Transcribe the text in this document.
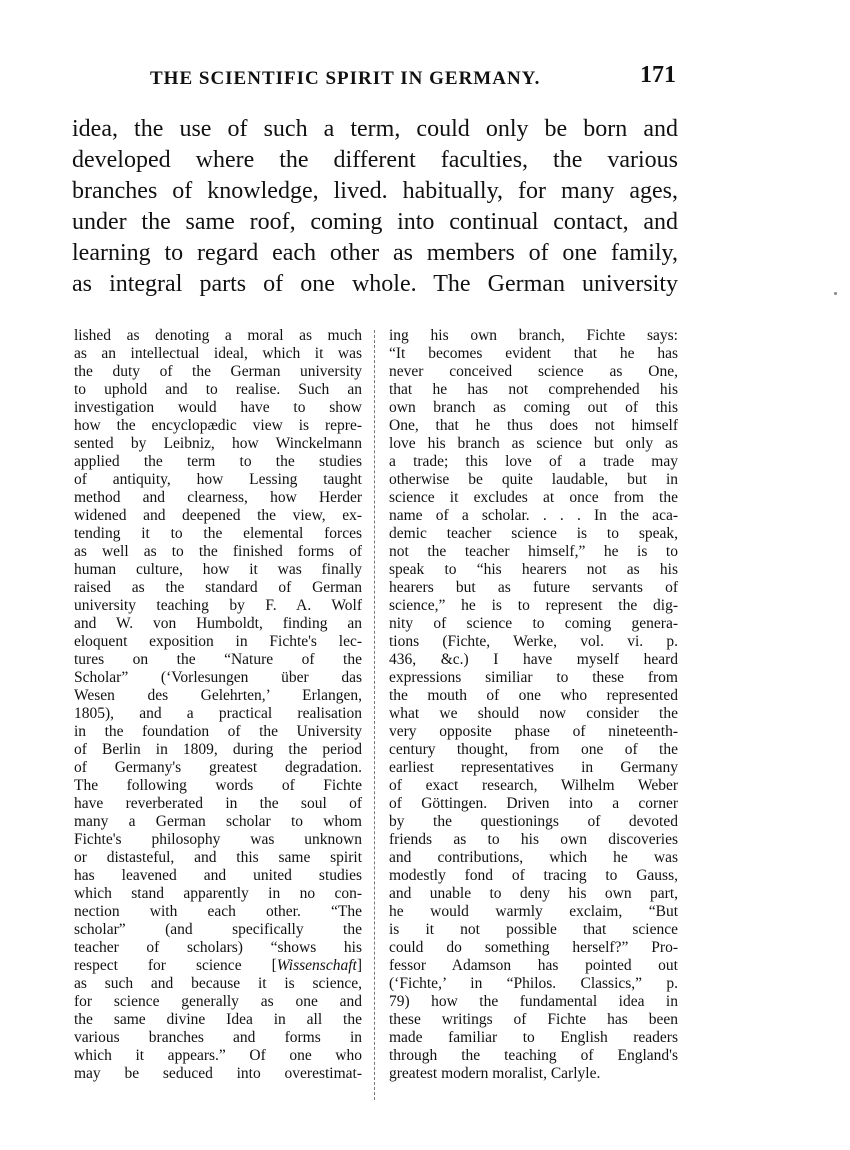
THE SCIENTIFIC SPIRIT IN GERMANY.	171
idea, the use of such a term, could only be born and
developed where the different faculties, the various
branches of knowledge, lived. habitually, for many ages,
under the same roof, coming into continual contact, and
learning to regard each other as members of one family,
as integral parts of one whole. The German university
lished as denoting a moral as much
as an intellectual ideal, which it was
the duty of the German university
to uphold and to realise. Such an
investigation would have to show
how the encyclopædic view is repre-
sented by Leibniz, how Winckelmann
applied the term to the studies
of antiquity, how Lessing taught
method and clearness, how Herder
widened and deepened the view, ex-
tending it to the elemental forces
as well as to the finished forms of
human culture, how it was finally
raised as the standard of German
university teaching by F. A. Wolf
and W. von Humboldt, finding an
eloquent exposition in Fichte's lec-
tures on the “Nature of the
Scholar” (‘Vorlesungen über das
Wesen des Gelehrten,’ Erlangen,
1805), and a practical realisation
in the foundation of the University
of Berlin in 1809, during the period
of Germany's greatest degradation.
The following words of Fichte
have reverberated in the soul of
many a German scholar to whom
Fichte's philosophy was unknown
or distasteful, and this same spirit
has leavened and united studies
which stand apparently in no con-
nection with each other. “The
scholar” (and specifically the
teacher of scholars) “shows his
respect for science [Wissenschaft]
as such and because it is science,
for science generally as one and
the same divine Idea in all the
various branches and forms in
which it appears.” Of one who
may be seduced into overestimat-
ing his own branch, Fichte says:
“It becomes evident that he has
never conceived science as One,
that he has not comprehended his
own branch as coming out of this
One, that he thus does not himself
love his branch as science but only as
a trade; this love of a trade may
otherwise be quite laudable, but in
science it excludes at once from the
name of a scholar. . . . In the aca-
demic teacher science is to speak,
not the teacher himself,” he is to
speak to “his hearers not as his
hearers but as future servants of
science,” he is to represent the dig-
nity of science to coming genera-
tions (Fichte, Werke, vol. vi. p.
436, &c.) I have myself heard
expressions similiar to these from
the mouth of one who represented
what we should now consider the
very opposite phase of nineteenth-
century thought, from one of the
earliest representatives in Germany
of exact research, Wilhelm Weber
of Göttingen. Driven into a corner
by the questionings of devoted
friends as to his own discoveries
and contributions, which he was
modestly fond of tracing to Gauss,
and unable to deny his own part,
he would warmly exclaim, “But
is it not possible that science
could do something herself?” Pro-
fessor Adamson has pointed out
(‘Fichte,’ in “Philos. Classics,” p.
79) how the fundamental idea in
these writings of Fichte has been
made familiar to English readers
through the teaching of England's
greatest modern moralist, Carlyle.
